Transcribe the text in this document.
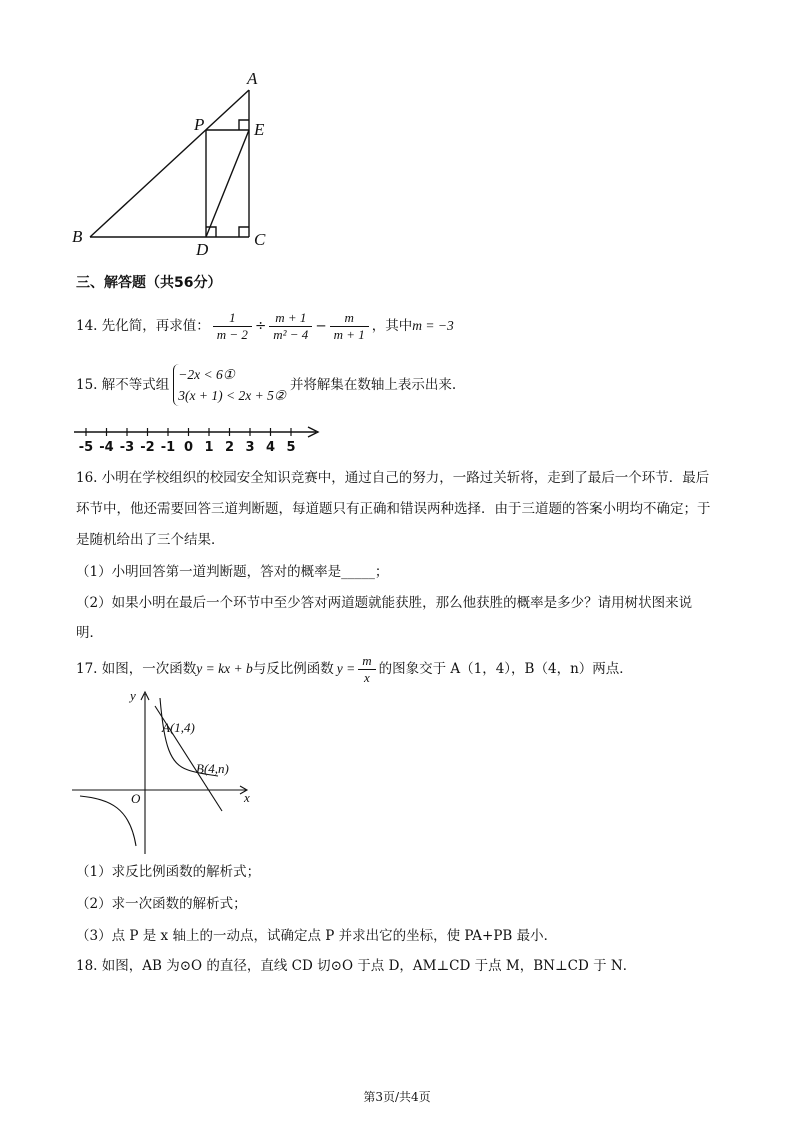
A
P	E
B
D
C
三、解答题（共56分）
14. 先化简，再求值： $\frac{1}{m - 2} \div \frac{m + 1}{\text{m² − 4}} - \frac{m}{m + 1}$ ，其中 m = −3
15. 解不等式组
−2x < 6①
3(x + 1) < 2x + 5②
并将解集在数轴上表示出来.
-5 -4 -3 -2 -1 0 1 2 3 4 5
16. 小明在学校组织的校园安全知识竞赛中，通过自己的努力，一路过关斩将，走到了最后一个环节．最后
环节中，他还需要回答三道判断题，每道题只有正确和错误两种选择．由于三道题的答案小明均不确定；于
是随机给出了三个结果．
（1）小明回答第一道判断题，答对的概率是_____；
（2）如果小明在最后一个环节中至少答对两道题就能获胜，那么他获胜的概率是多少？请用树状图来说
明．
17. 如图，一次函数 y = kx + b 与反比例函数 $y = \frac{m}{x}$ 的图象交于 A（1，4），B（4，n）两点．
y
x
O
A(1,4)
B(4,n)
（1）求反比例函数的解析式；
（2）求一次函数的解析式；
（3）点 P 是 x 轴上的一动点，试确定点 P 并求出它的坐标，使 PA+PB 最小．
18. 如图，AB 为⊙O 的直径，直线 CD 切⊙O 于点 D，AM⊥CD 于点 M，BN⊥CD 于 N．
第3页/共4页
